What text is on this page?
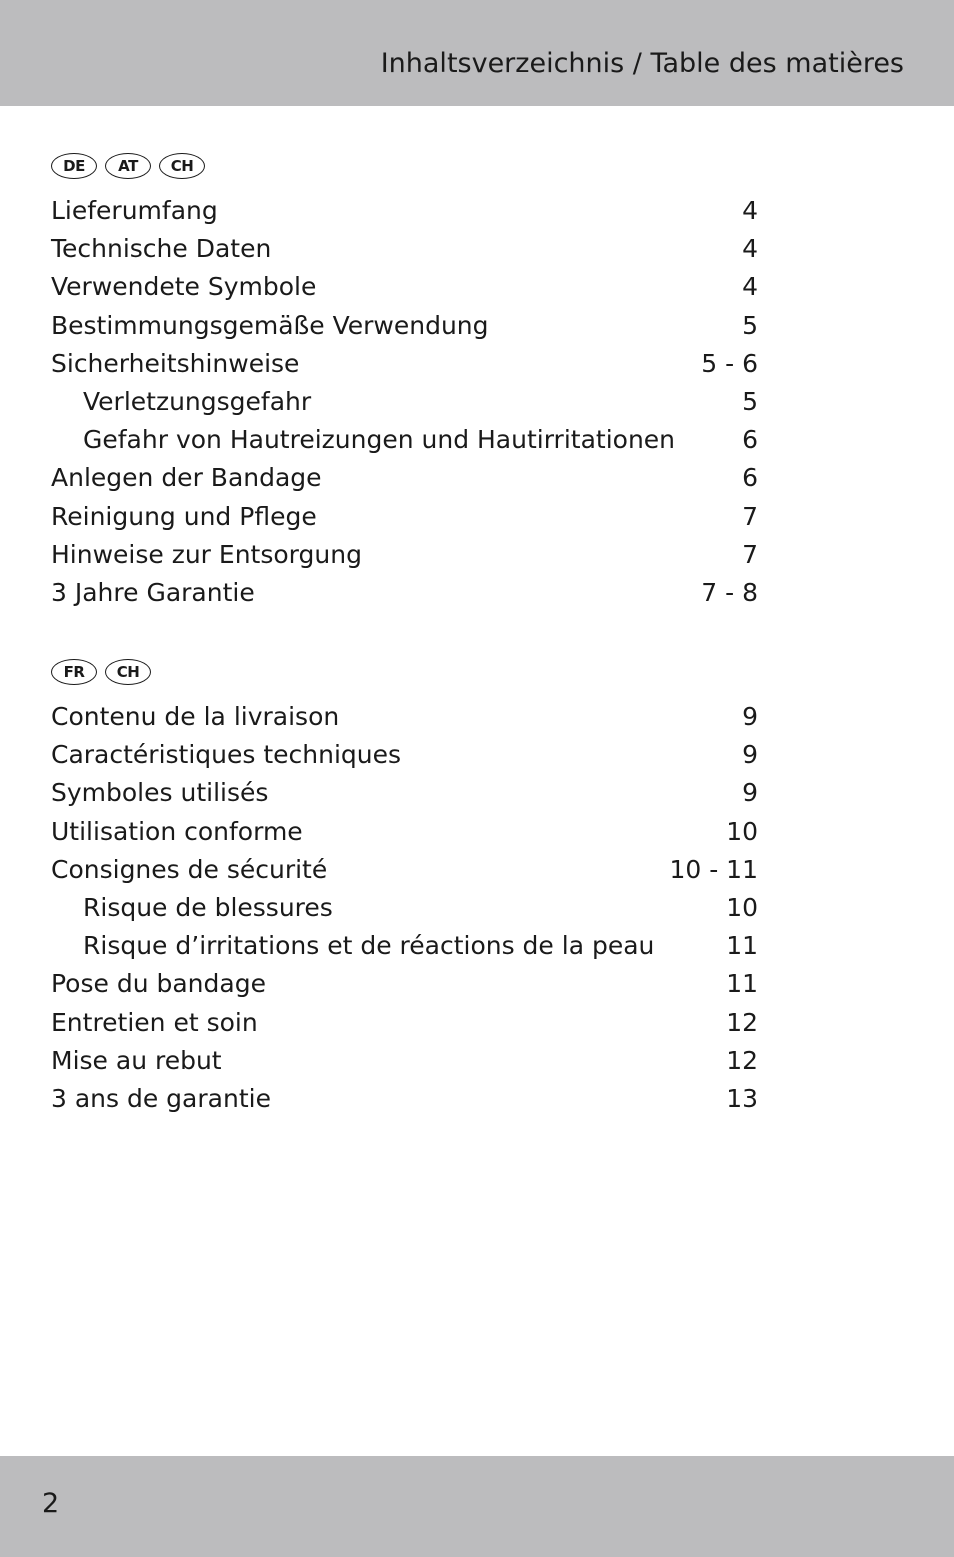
Inhaltsverzeichnis / Table des matières
DE	AT	CH
Lieferumfang	4
Technische Daten	4
Verwendete Symbole	4
Bestimmungsgemäße Verwendung	5
Sicherheitshinweise	5 - 6
Verletzungsgefahr	5
Gefahr von Hautreizungen und Hautirritationen	6
Anlegen der Bandage	6
Reinigung und Pflege	7
Hinweise zur Entsorgung	7
3 Jahre Garantie	7 - 8
FR	CH
Contenu de la livraison	9
Caractéristiques techniques	9
Symboles utilisés	9
Utilisation conforme	10
Consignes de sécurité	10 - 11
Risque de blessures	10
Risque d’irritations et de réactions de la peau	11
Pose du bandage	11
Entretien et soin	12
Mise au rebut	12
3 ans de garantie	13
2
